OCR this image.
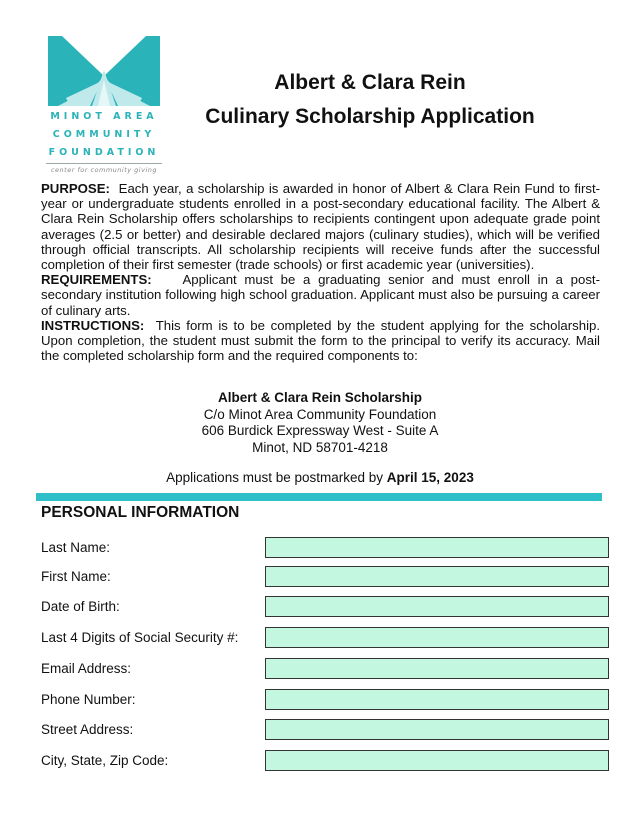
MINOT AREA
COMMUNITY
FOUNDATION
center for community giving
Albert & Clara Rein
Culinary Scholarship Application

PURPOSE: Each year, a scholarship is awarded in honor of Albert & Clara Rein Fund to first-year or undergraduate students enrolled in a post-secondary educational facility. The Albert & Clara Rein Scholarship offers scholarships to recipients contingent upon adequate grade point averages (2.5 or better) and desirable declared majors (culinary studies), which will be verified through official transcripts. All scholarship recipients will receive funds after the successful completion of their first semester (trade schools) or first academic year (universities).

REQUIREMENTS: Applicant must be a graduating senior and must enroll in a post-secondary institution following high school graduation. Applicant must also be pursuing a career of culinary arts.

INSTRUCTIONS: This form is to be completed by the student applying for the scholarship. Upon completion, the student must submit the form to the principal to verify its accuracy. Mail the completed scholarship form and the required components to:

Albert & Clara Rein Scholarship
C/o Minot Area Community Foundation
606 Burdick Expressway West - Suite A
Minot, ND 58701-4218
Applications must be postmarked by April 15, 2023
PERSONAL INFORMATION
Last Name:
First Name:
Date of Birth:
Last 4 Digits of Social Security #:
Email Address:
Phone Number:
Street Address:
City, State, Zip Code:
